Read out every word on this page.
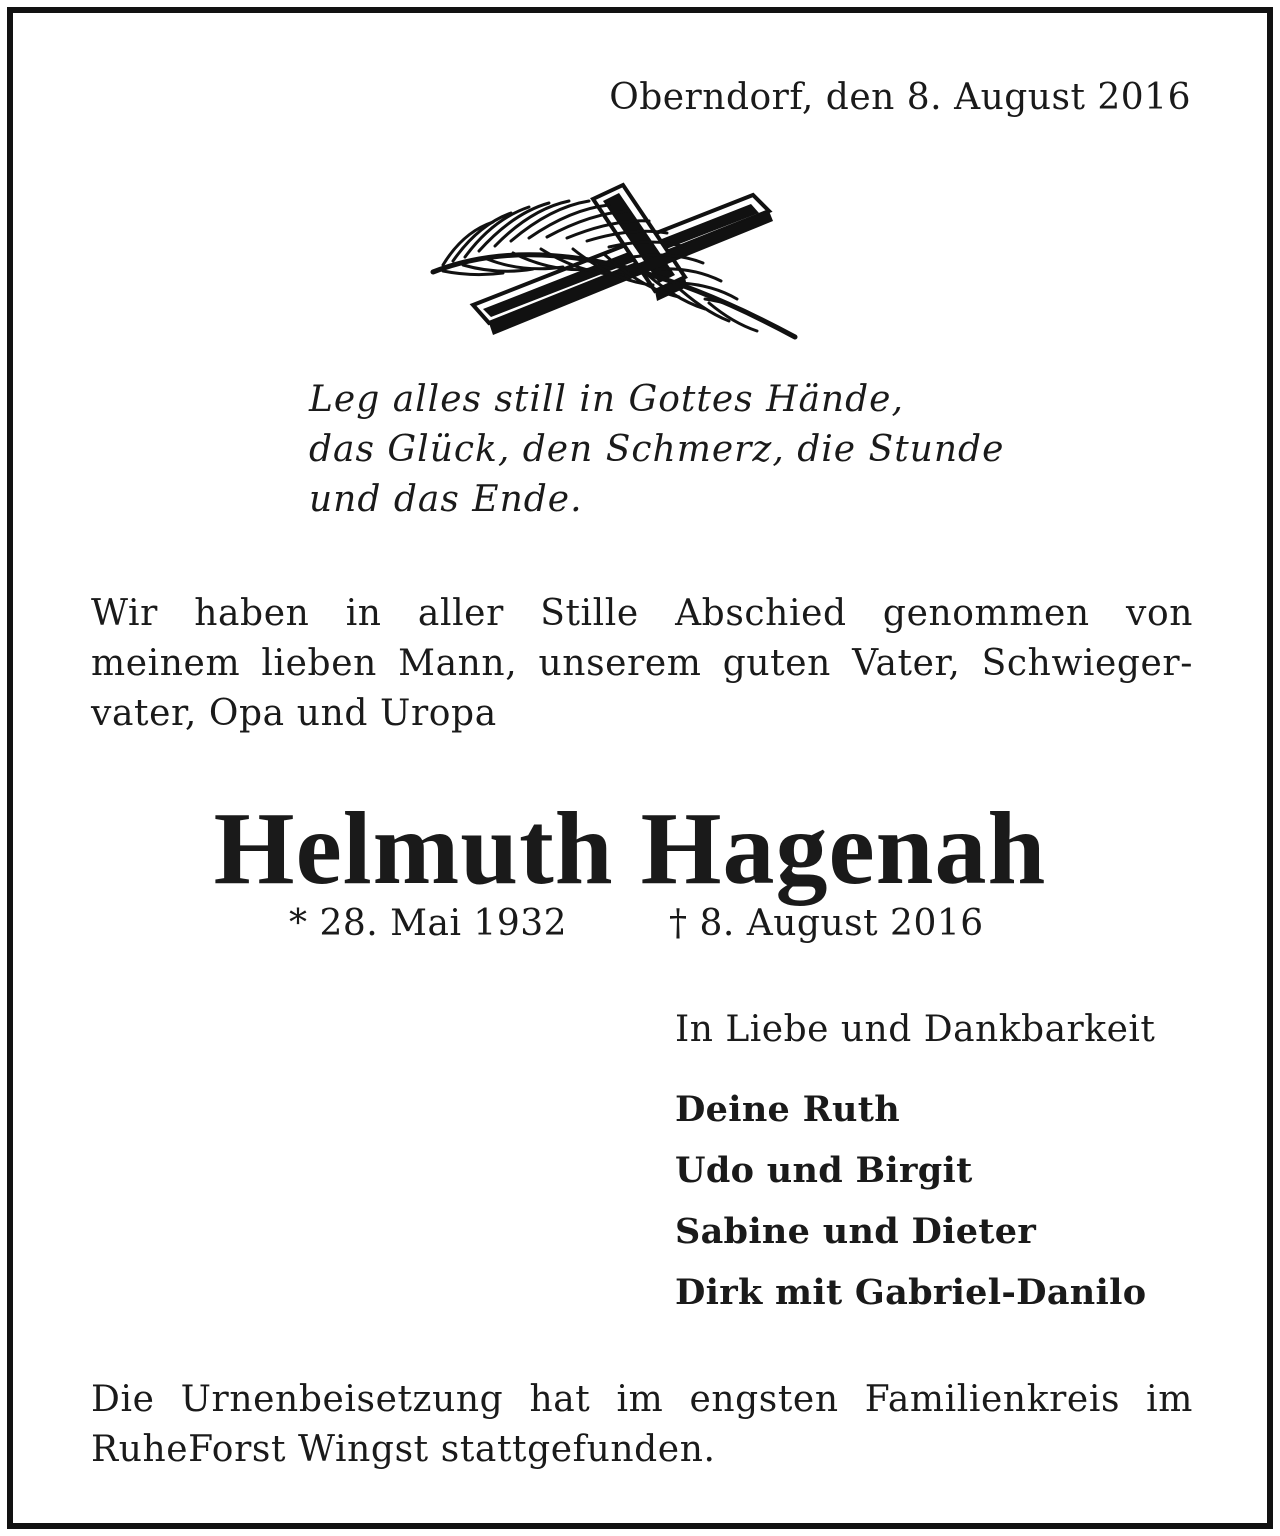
Oberndorf, den 8. August 2016
Leg alles still in Gottes Hände,
das Glück, den Schmerz, die Stunde
und das Ende.
Wir haben in aller Stille Abschied genommen von
meinem lieben Mann, unserem guten Vater, Schwieger-
vater, Opa und Uropa
Helmuth Hagenah
* 28. Mai 1932	† 8. August 2016
In Liebe und Dankbarkeit
Deine Ruth
Udo und Birgit
Sabine und Dieter
Dirk mit Gabriel-Danilo
Die Urnenbeisetzung hat im engsten Familienkreis im
RuheForst Wingst stattgefunden.
